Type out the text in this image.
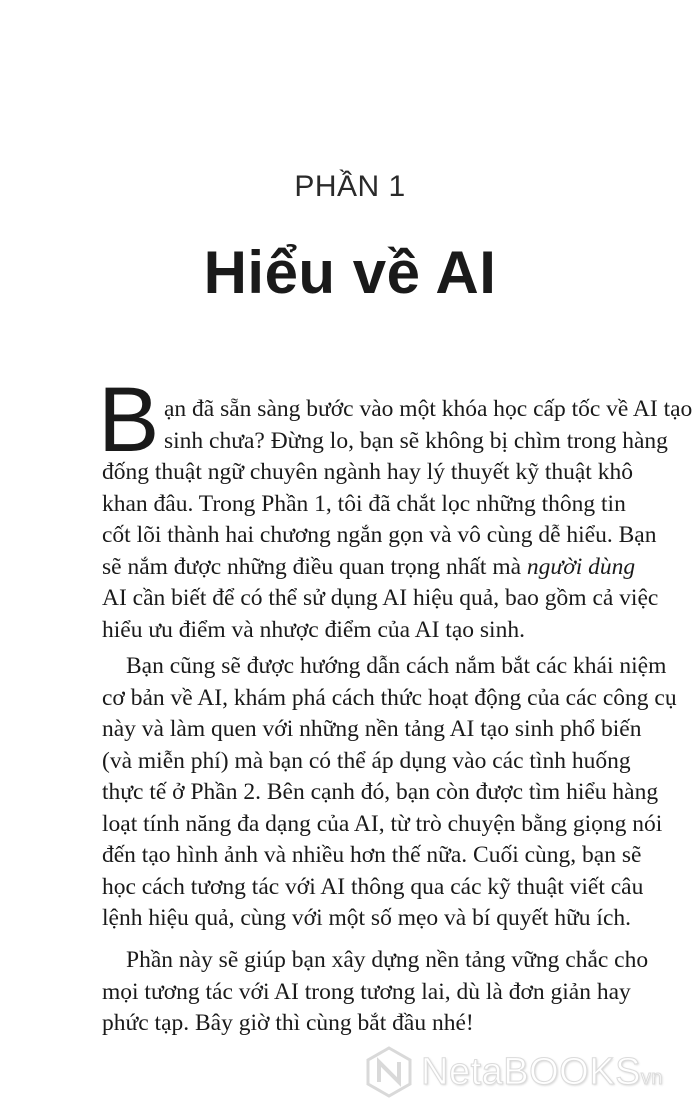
PHẦN 1
Hiểu về AI
B ạn đã sẵn sàng bước vào một khóa học cấp tốc về AI tạo
sinh chưa? Đừng lo, bạn sẽ không bị chìm trong hàng
đống thuật ngữ chuyên ngành hay lý thuyết kỹ thuật khô
khan đâu. Trong Phần 1, tôi đã chắt lọc những thông tin
cốt lõi thành hai chương ngắn gọn và vô cùng dễ hiểu. Bạn
sẽ nắm được những điều quan trọng nhất mà người dùng
AI cần biết để có thể sử dụng AI hiệu quả, bao gồm cả việc
hiểu ưu điểm và nhược điểm của AI tạo sinh.
Bạn cũng sẽ được hướng dẫn cách nắm bắt các khái niệm
cơ bản về AI, khám phá cách thức hoạt động của các công cụ
này và làm quen với những nền tảng AI tạo sinh phổ biến
(và miễn phí) mà bạn có thể áp dụng vào các tình huống
thực tế ở Phần 2. Bên cạnh đó, bạn còn được tìm hiểu hàng
loạt tính năng đa dạng của AI, từ trò chuyện bằng giọng nói
đến tạo hình ảnh và nhiều hơn thế nữa. Cuối cùng, bạn sẽ
học cách tương tác với AI thông qua các kỹ thuật viết câu
lệnh hiệu quả, cùng với một số mẹo và bí quyết hữu ích.
Phần này sẽ giúp bạn xây dựng nền tảng vững chắc cho
mọi tương tác với AI trong tương lai, dù là đơn giản hay
phức tạp. Bây giờ thì cùng bắt đầu nhé!
NetaBOOKSvn
